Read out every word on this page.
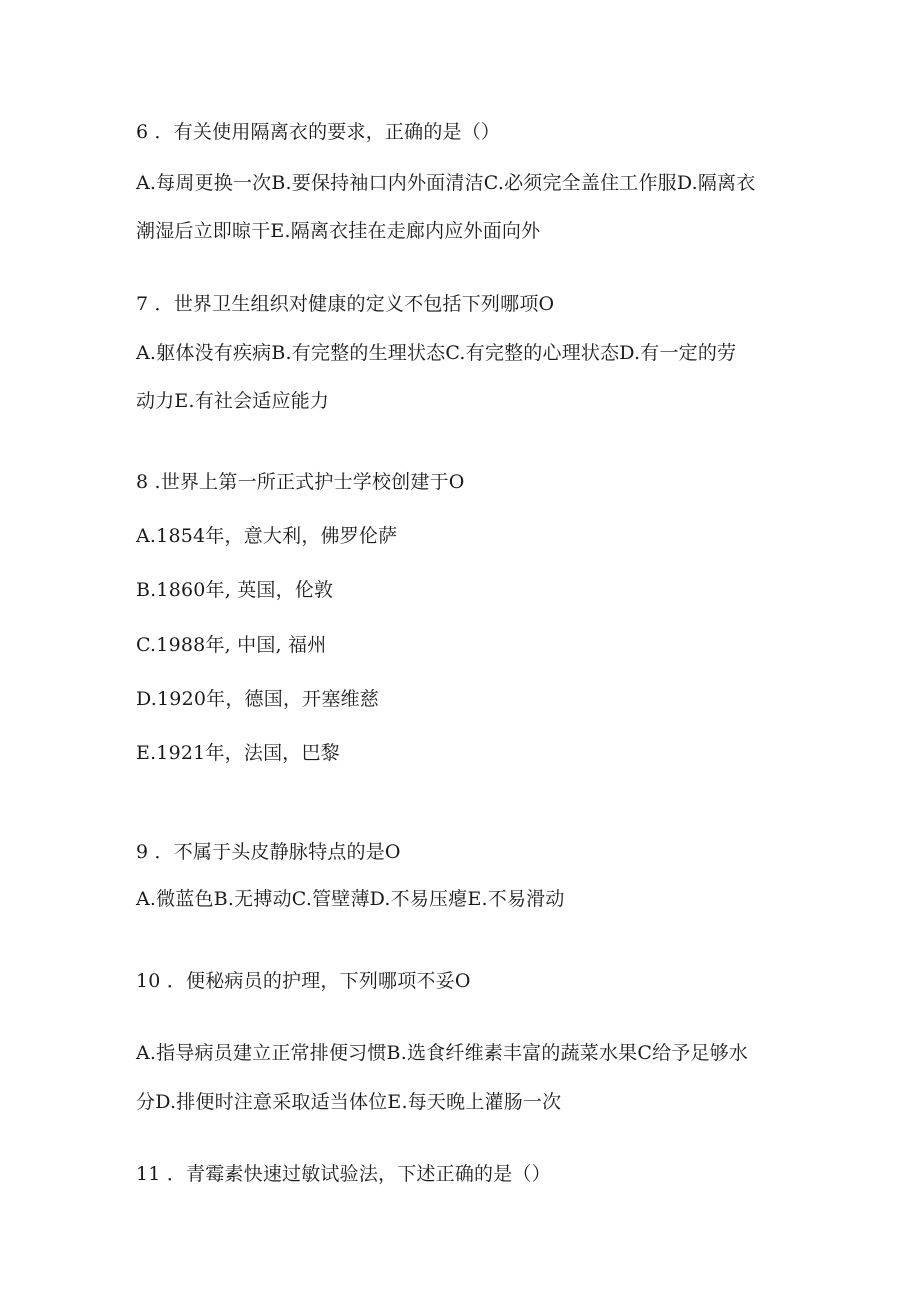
6 ．有关使用隔离衣的要求，正确的是（）
A.每周更换一次B.要保持袖口内外面清洁C.必须完全盖住工作服D.隔离衣
潮湿后立即晾干E.隔离衣挂在走廊内应外面向外
7 ．世界卫生组织对健康的定义不包括下列哪项O
A.躯体没有疾病B.有完整的生理状态C.有完整的心理状态D.有一定的劳
动力E.有社会适应能力
8 .世界上第一所正式护士学校创建于O
A.1854年，意大利，佛罗伦萨
B.1860年, 英国，伦敦
C.1988年, 中国, 福州
D.1920年，德国，开塞维慈
E.1921年，法国，巴黎
9 ．不属于头皮静脉特点的是O
A.微蓝色B.无搏动C.管壁薄D.不易压瘪E.不易滑动
10 ．便秘病员的护理，下列哪项不妥O
A.指导病员建立正常排便习惯B.选食纤维素丰富的蔬菜水果C给予足够水
分D.排便时注意采取适当体位E.每天晚上灌肠一次
11 ．青霉素快速过敏试验法，下述正确的是（）
